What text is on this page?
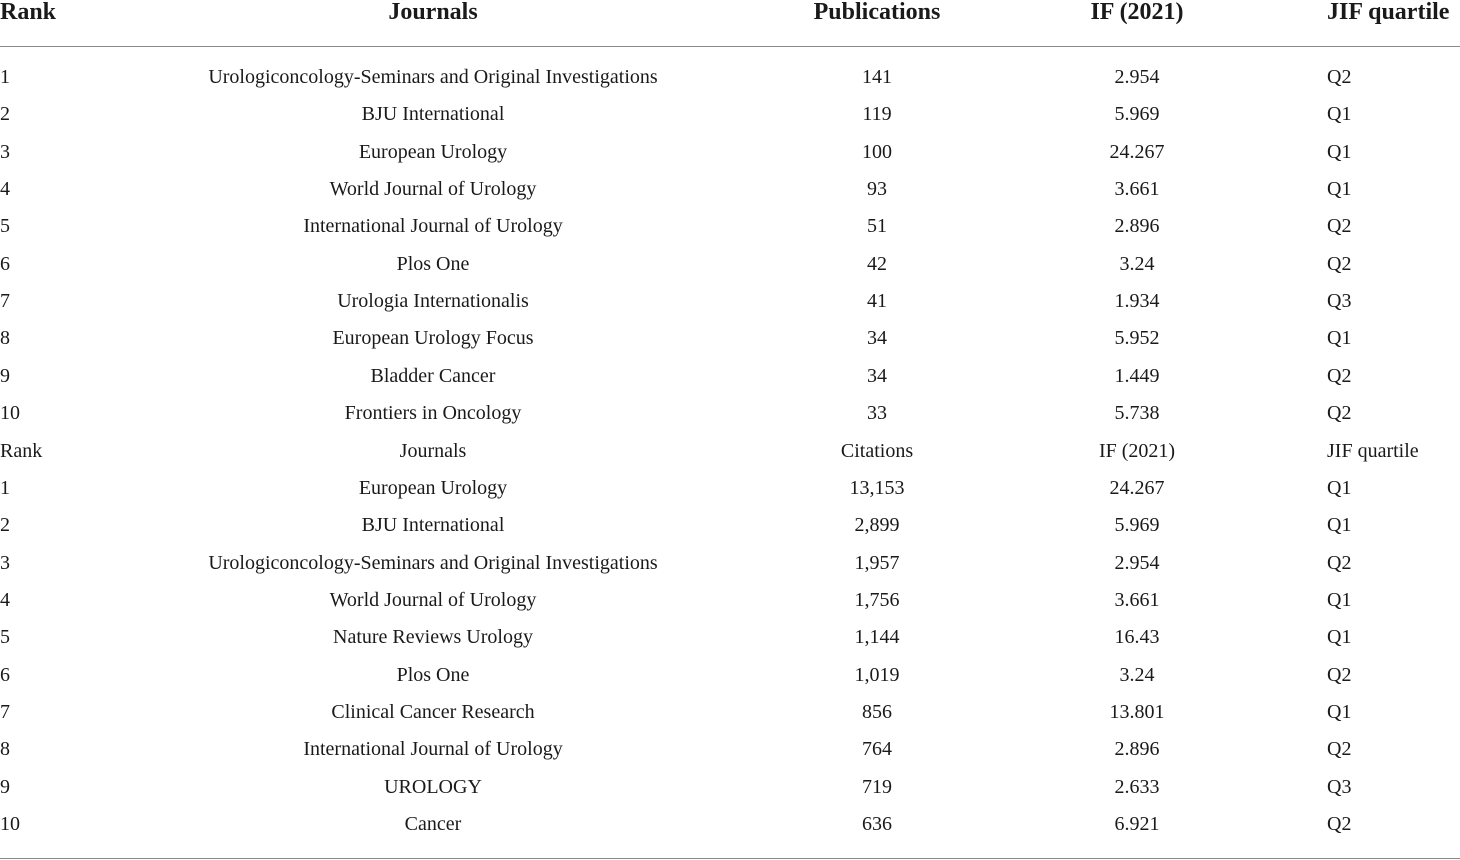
Rank	Journals	Publications	IF (2021)	JIF quartile
1	Urologiconcology-Seminars and Original Investigations	141	2.954	Q2
2	BJU International	119	5.969	Q1
3	European Urology	100	24.267	Q1
4	World Journal of Urology	93	3.661	Q1
5	International Journal of Urology	51	2.896	Q2
6	Plos One	42	3.24	Q2
7	Urologia Internationalis	41	1.934	Q3
8	European Urology Focus	34	5.952	Q1
9	Bladder Cancer	34	1.449	Q2
10	Frontiers in Oncology	33	5.738	Q2
Rank	Journals	Citations	IF (2021)	JIF quartile
1	European Urology	13,153	24.267	Q1
2	BJU International	2,899	5.969	Q1
3	Urologiconcology-Seminars and Original Investigations	1,957	2.954	Q2
4	World Journal of Urology	1,756	3.661	Q1
5	Nature Reviews Urology	1,144	16.43	Q1
6	Plos One	1,019	3.24	Q2
7	Clinical Cancer Research	856	13.801	Q1
8	International Journal of Urology	764	2.896	Q2
9	UROLOGY	719	2.633	Q3
10	Cancer	636	6.921	Q2
